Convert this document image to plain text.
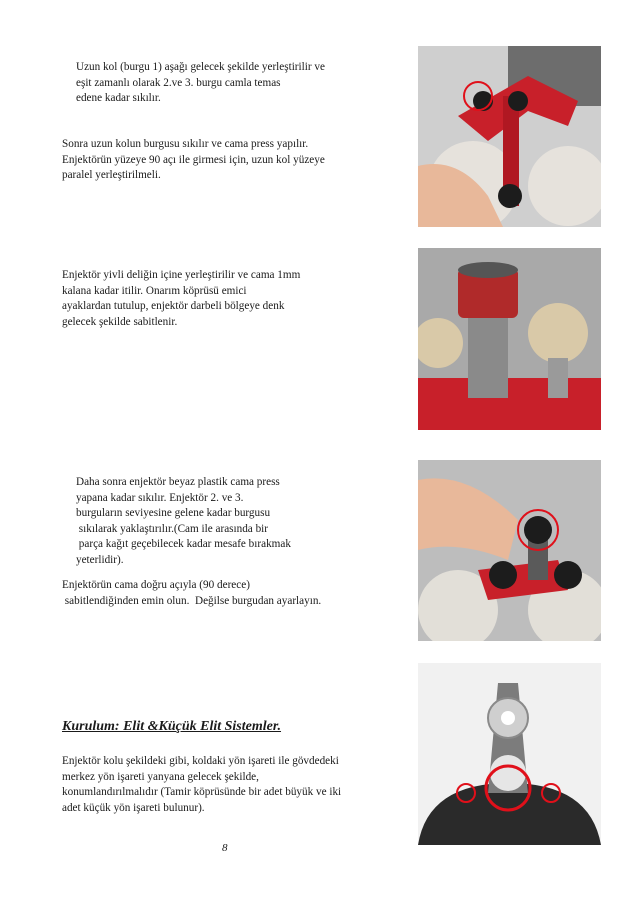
Uzun kol (burgu 1) aşağı gelecek şekilde yerleştirilir ve
eşit zamanlı olarak 2.ve 3. burgu camla temas
edene kadar sıkılır.
Sonra uzun kolun burgusu sıkılır ve cama press yapılır.
Enjektörün yüzeye 90 açı ile girmesi için, uzun kol yüzeye
paralel yerleştirilmeli.
Enjektör yivli deliğin içine yerleştirilir ve cama 1mm
kalana kadar itilir. Onarım köprüsü emici
ayaklardan tutulup, enjektör darbeli bölgeye denk
gelecek şekilde sabitlenir.
Daha sonra enjektör beyaz plastik cama press
yapana kadar sıkılır. Enjektör 2. ve 3.
burguların seviyesine gelene kadar burgusu
sıkılarak yaklaştırılır.(Cam ile arasında bir
parça kağıt geçebilecek kadar mesafe bırakmak
yeterlidir).
Enjektörün cama doğru açıyla (90 derece)
sabitlendiğinden emin olun.  Değilse burgudan ayarlayın.
Kurulum: Elit &Küçük Elit Sistemler.
Enjektör kolu şekildeki gibi, koldaki yön işareti ile gövdedeki
merkez yön işareti yanyana gelecek şekilde,
konumlandırılmalıdır (Tamir köprüsünde bir adet büyük ve iki
adet küçük yön işareti bulunur).
8
